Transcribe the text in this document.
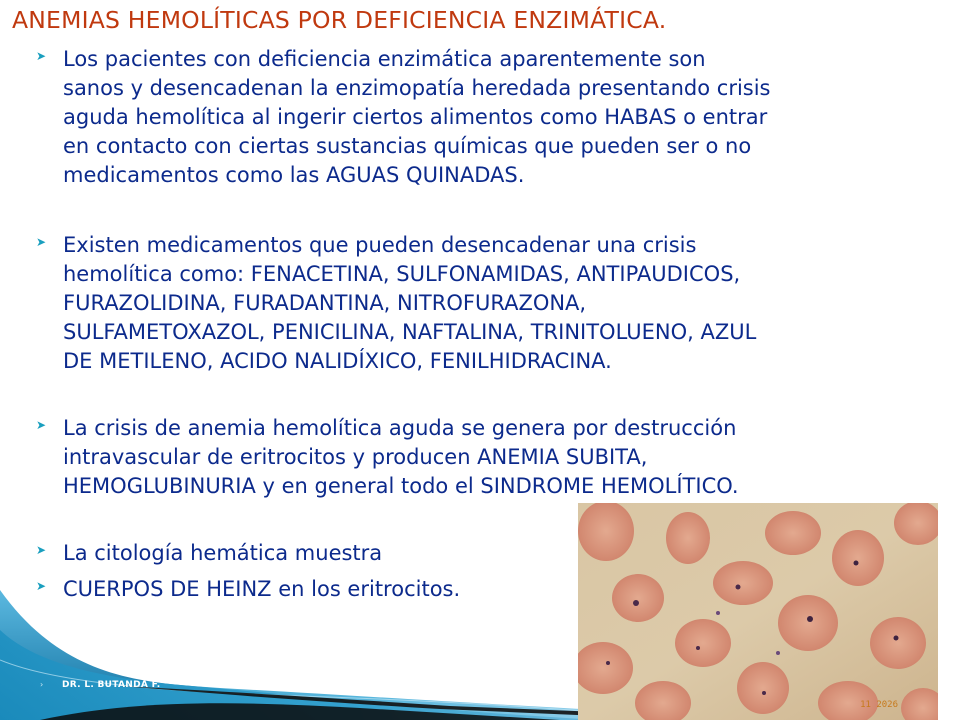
ANEMIAS HEMOLÍTICAS POR DEFICIENCIA ENZIMÁTICA.
➤ Los pacientes con deficiencia enzimática aparentemente son
sanos y desencadenan la enzimopatía heredada presentando crisis
aguda hemolítica al ingerir ciertos alimentos como HABAS o entrar
en contacto con ciertas sustancias químicas que pueden ser o no
medicamentos como las AGUAS QUINADAS.
➤ Existen medicamentos que pueden desencadenar una crisis
hemolítica como: FENACETINA, SULFONAMIDAS, ANTIPAUDICOS,
FURAZOLIDINA, FURADANTINA, NITROFURAZONA,
SULFAMETOXAZOL, PENICILINA, NAFTALINA, TRINITOLUENO, AZUL
DE METILENO, ACIDO NALIDÍXICO, FENILHIDRACINA.
➤ La crisis de anemia hemolítica aguda se genera por destrucción
intravascular de eritrocitos y producen ANEMIA SUBITA,
HEMOGLUBINURIA y en general todo el SINDROME HEMOLÍTICO.
➤ La citología hemática muestra
➤ CUERPOS DE HEINZ en los eritrocitos.
› DR. L. BUTANDA F.
11 2026
